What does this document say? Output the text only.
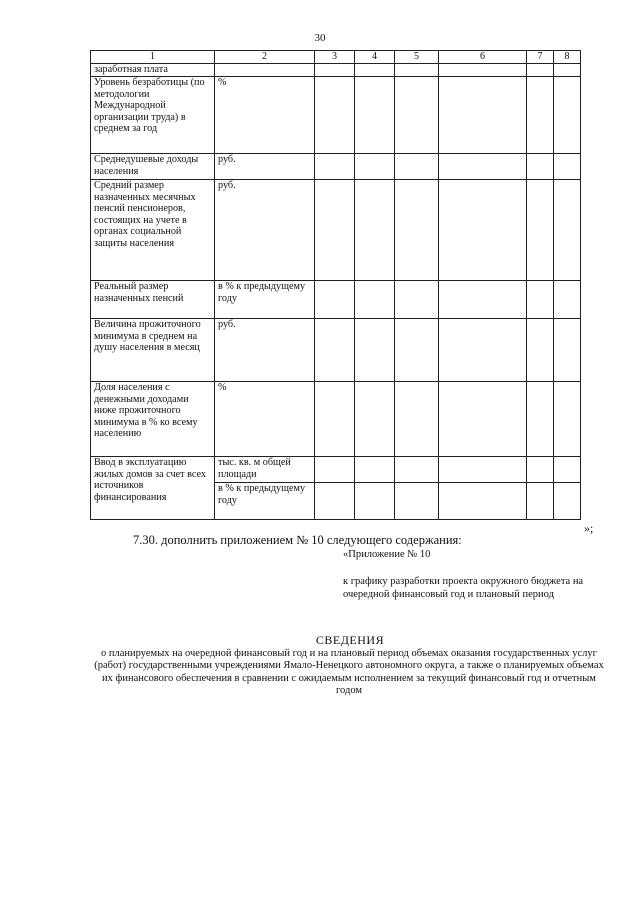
30
1	2	3	4	5	6	7	8
заработная плата							
Уровень безработицы (по методологии Международной организации труда) в среднем за год	%						
Среднедушевые доходы населения	руб.						
Средний размер назначенных месячных пенсий пенсионеров, состоящих на учете в органах социальной защиты населения	руб.						
Реальный размер назначенных пенсий	в % к предыдущему году						
Величина прожиточного минимума в среднем на душу населения в месяц	руб.						
Доля населения с денежными доходами ниже прожиточного минимума в % ко всему населению	%						
Ввод в эксплуатацию жилых домов за счет всех источников финансирования	тыс. кв. м общей площади						
	в % к предыдущему году						
»;
7.30. дополнить приложением № 10 следующего содержания:
«Приложение № 10
к графику разработки проекта окружного бюджета на очередной финансовый год и плановый период
СВЕДЕНИЯ
о планируемых на очередной финансовый год и на плановый период объемах оказания государственных услуг (работ) государственными учреждениями Ямало-Ненецкого автономного округа, а также о планируемых объемах их финансового обеспечения в сравнении с ожидаемым исполнением за текущий финансовый год и отчетным годом
